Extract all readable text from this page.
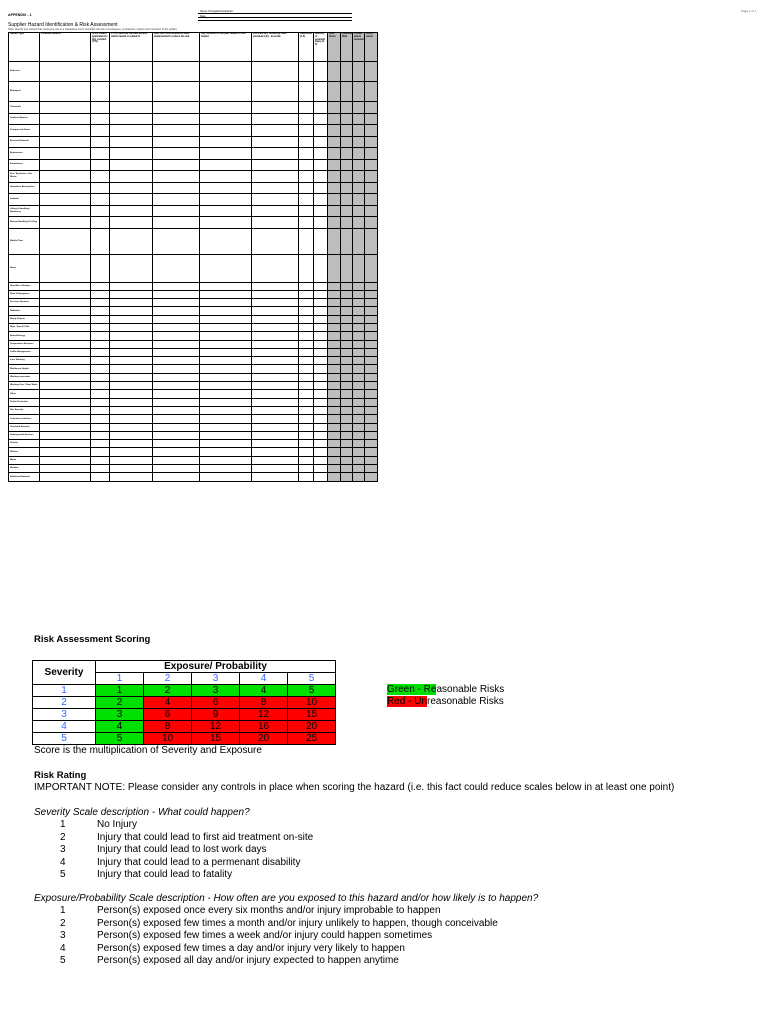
APPENDIX - 1
Page 1 of 1
Name of Supplier/Contractor:
Date:
Supplier Hazard Identification & Risk Assessment
Note: Identify any hazard that could give rise to a hazardous event (consider the risk to employees, contractors, visitors and members of the public)
Hazard Type	Potential Hazards	Is the hazard applicable for this contract (Y/N)	If Yes, describe the task activity which hazard is related to	How has control/measure been implemented to reduce the risk	Any incidents in the past related to this hazard	Are there any remaining risks (residual risk) - describe	Likelihood (1-5)	Severity of potential injury (1-5)	Risk Score	Residual Risk	Further action required	Action owner
Asbestos												
Biological												
Chemicals												
Confined Spaces												
Compressed Gases												
Electrical Hazards												
Ergonomics												
Excavations												
Fire / Explosion - Hot Works												
Hazardous Atmosphere												
Isolation												
Lifting & Handling / Machinery												
Manual Handling & Lifting												
Mobile Plant												
Noise												
Hand Arm Vibration												
Plant & Equipment												
Pressure Systems												
Radiation												
Sharp Objects												
Slips, Trips & Falls												
Stored Energy												
Temperature Extremes												
Traffic Management												
Lone Working												
Working at Height												
Working near water												
Working Over / Near Water												
Other												
Public Protection												
Site Security												
Contractor Interface												
Overhead Services												
Underground Services												
Visitors												
Welfare												
Waste												
Weather												
Additional Hazards												
Risk Assessment Scoring
Severity	Exposure/ Probability				
	1	2	3	4	5
1	1	2	3	4	5
2	2	4	6	8	10
3	3	6	9	12	15
4	4	8	12	16	20
5	5	10	15	20	25
Green - Reasonable Risks
Red - Unreasonable Risks
Score is the multiplication of Severity and Exposure
Risk Rating
IMPORTANT NOTE: Please consider any controls in place when scoring the hazard (i.e. this fact could reduce scales below in at least one point)
Severity Scale description - What could happen?
1	No Injury
2	Injury that could lead to first aid treatment on-site
3	Injury that could lead to lost work days
4	Injury that could lead to a permenant disability
5	Injury that could lead to fatality
Exposure/Probability Scale description - How often are you exposed to this hazard and/or how likely is to happen?
1	Person(s) exposed once every six months and/or injury improbable to happen
2	Person(s) exposed few times a month and/or injury unlikely to happen, though conceivable
3	Person(s) exposed few times a week and/or injury could happen sometimes
4	Person(s) exposed few times a day and/or injury very likely to happen
5	Person(s) exposed all day and/or injury expected to happen anytime
